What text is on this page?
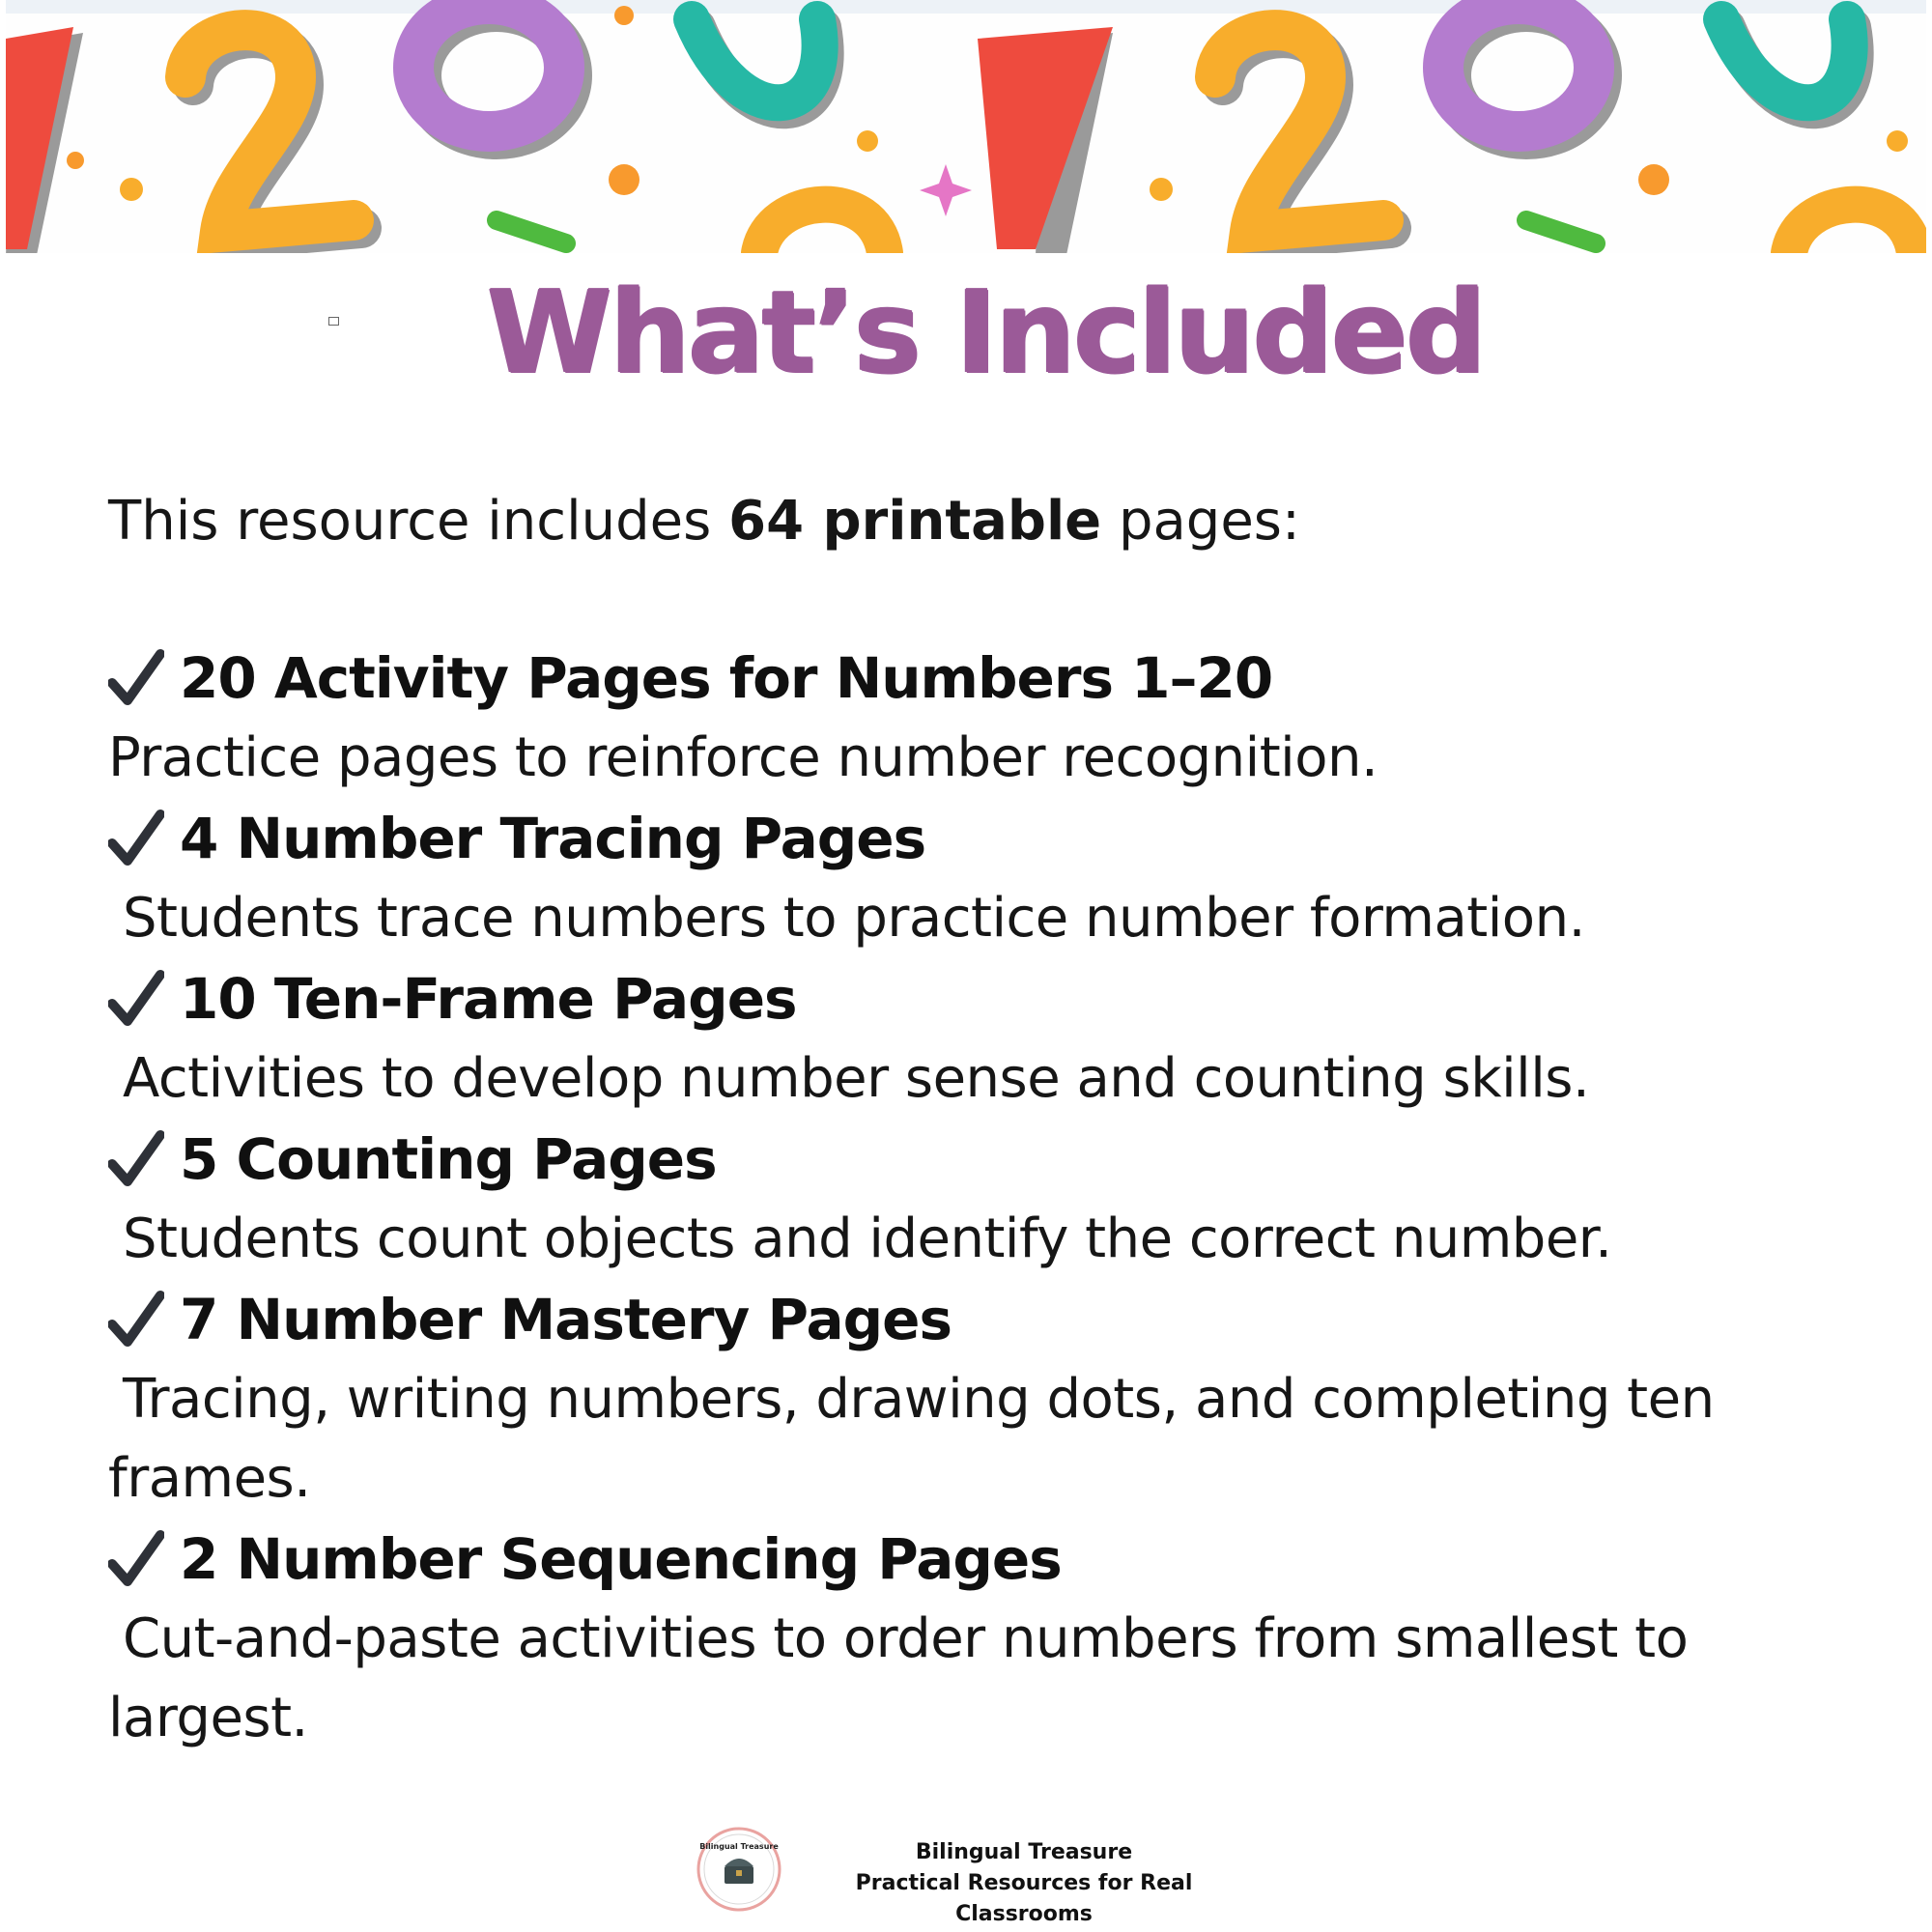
What’s Included
This resource includes 64 printable pages:
20 Activity Pages for Numbers 1–20
Practice pages to reinforce number recognition.
4 Number Tracing Pages
Students trace numbers to practice number formation.
10 Ten-Frame Pages
Activities to develop number sense and counting skills.
5 Counting Pages
Students count objects and identify the correct number.
7 Number Mastery Pages
Tracing, writing numbers, drawing dots, and completing ten frames.
2 Number Sequencing Pages
Cut-and-paste activities to order numbers from smallest to largest.
Bilingual Treasure	Bilingual Treasure
Practical Resources for Real Classrooms
